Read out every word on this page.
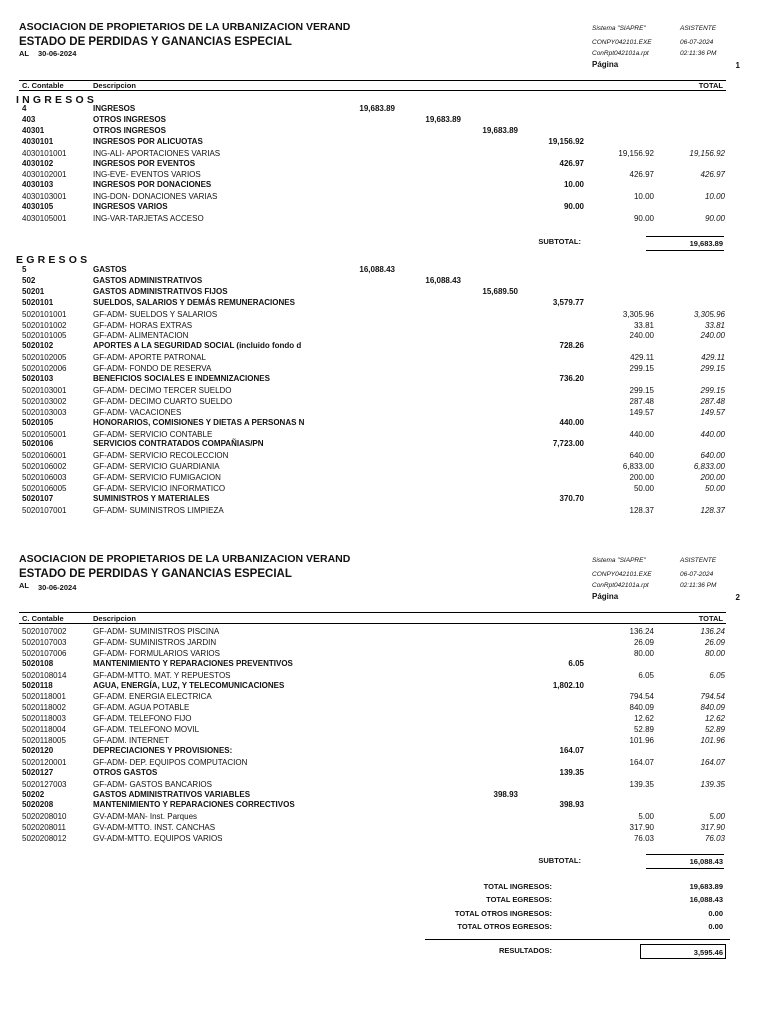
ASOCIACION DE PROPIETARIOS DE LA URBANIZACION VERAND
ESTADO DE PERDIDAS Y GANANCIAS ESPECIAL
AL 30-06-2024
Sistema "SIAPRE"	ASISTENTE
CONPY042101.EXE	06-07-2024
ConRpt042101a.rpt	02:11:36 PM
Página	1
C. Contable	Descripcion	TOTAL
INGRESOS
4	INGRESOS	19,683.89
403	OTROS INGRESOS	19,683.89
40301	OTROS INGRESOS	19,683.89
4030101	INGRESOS POR ALICUOTAS	19,156.92
4030101001	ING-ALI- APORTACIONES VARIAS	19,156.92	19,156.92
4030102	INGRESOS POR EVENTOS	426.97
4030102001	ING-EVE- EVENTOS VARIOS	426.97	426.97
4030103	INGRESOS POR DONACIONES	10.00
4030103001	ING-DON- DONACIONES VARIAS	10.00	10.00
4030105	INGRESOS VARIOS	90.00
4030105001	ING-VAR-TARJETAS ACCESO	90.00	90.00
SUBTOTAL:	19,683.89
EGRESOS
5	GASTOS	16,088.43
502	GASTOS ADMINISTRATIVOS	16,088.43
50201	GASTOS ADMINISTRATIVOS FIJOS	15,689.50
5020101	SUELDOS, SALARIOS Y DEMÁS REMUNERACIONES	3,579.77
5020101001	GF-ADM- SUELDOS Y SALARIOS	3,305.96	3,305.96
5020101002	GF-ADM- HORAS EXTRAS	33.81	33.81
5020101005	GF-ADM- ALIMENTACION	240.00	240.00
5020102	APORTES A LA SEGURIDAD SOCIAL (incluido fondo d	728.26
5020102005	GF-ADM- APORTE PATRONAL	429.11	429.11
5020102006	GF-ADM- FONDO DE RESERVA	299.15	299.15
5020103	BENEFICIOS SOCIALES E INDEMNIZACIONES	736.20
5020103001	GF-ADM- DECIMO TERCER SUELDO	299.15	299.15
5020103002	GF-ADM- DECIMO CUARTO SUELDO	287.48	287.48
5020103003	GF-ADM- VACACIONES	149.57	149.57
5020105	HONORARIOS, COMISIONES Y DIETAS A PERSONAS N	440.00
5020105001	GF-ADM- SERVICIO CONTABLE	440.00	440.00
5020106	SERVICIOS CONTRATADOS COMPAÑIAS/PN	7,723.00
5020106001	GF-ADM- SERVICIO RECOLECCION	640.00	640.00
5020106002	GF-ADM- SERVICIO GUARDIANIA	6,833.00	6,833.00
5020106003	GF-ADM- SERVICIO FUMIGACION	200.00	200.00
5020106005	GF-ADM- SERVICIO INFORMATICO	50.00	50.00
5020107	SUMINISTROS Y MATERIALES	370.70
5020107001	GF-ADM- SUMINISTROS LIMPIEZA	128.37	128.37
ASOCIACION DE PROPIETARIOS DE LA URBANIZACION VERAND
ESTADO DE PERDIDAS Y GANANCIAS ESPECIAL
AL 30-06-2024
Sistema "SIAPRE"	ASISTENTE
CONPY042101.EXE	06-07-2024
ConRpt042101a.rpt	02:11:36 PM
Página	2
C. Contable	Descripcion	TOTAL
5020107002	GF-ADM- SUMINISTROS PISCINA	136.24	136.24
5020107003	GF-ADM- SUMINISTROS JARDIN	26.09	26.09
5020107006	GF-ADM- FORMULARIOS VARIOS	80.00	80.00
5020108	MANTENIMIENTO Y REPARACIONES PREVENTIVOS	6.05
5020108014	GF-ADM-MTTO. MAT. Y REPUESTOS	6.05	6.05
5020118	AGUA, ENERGÍA, LUZ, Y TELECOMUNICACIONES	1,802.10
5020118001	GF-ADM. ENERGIA ELECTRICA	794.54	794.54
5020118002	GF-ADM. AGUA POTABLE	840.09	840.09
5020118003	GF-ADM. TELEFONO FIJO	12.62	12.62
5020118004	GF-ADM. TELEFONO MOVIL	52.89	52.89
5020118005	GF-ADM. INTERNET	101.96	101.96
5020120	DEPRECIACIONES Y PROVISIONES:	164.07
5020120001	GF-ADM- DEP. EQUIPOS COMPUTACION	164.07	164.07
5020127	OTROS GASTOS	139.35
5020127003	GF-ADM- GASTOS BANCARIOS	139.35	139.35
50202	GASTOS ADMINISTRATIVOS VARIABLES	398.93
5020208	MANTENIMIENTO Y REPARACIONES CORRECTIVOS	398.93
5020208010	GV-ADM-MAN- Inst. Parques	5.00	5.00
5020208011	GV-ADM-MTTO. INST. CANCHAS	317.90	317.90
5020208012	GV-ADM-MTTO. EQUIPOS VARIOS	76.03	76.03
SUBTOTAL:	16,088.43
TOTAL INGRESOS:	19,683.89
TOTAL EGRESOS:	16,088.43
TOTAL OTROS INGRESOS:	0.00
TOTAL OTROS EGRESOS:	0.00
RESULTADOS:	3,595.46
